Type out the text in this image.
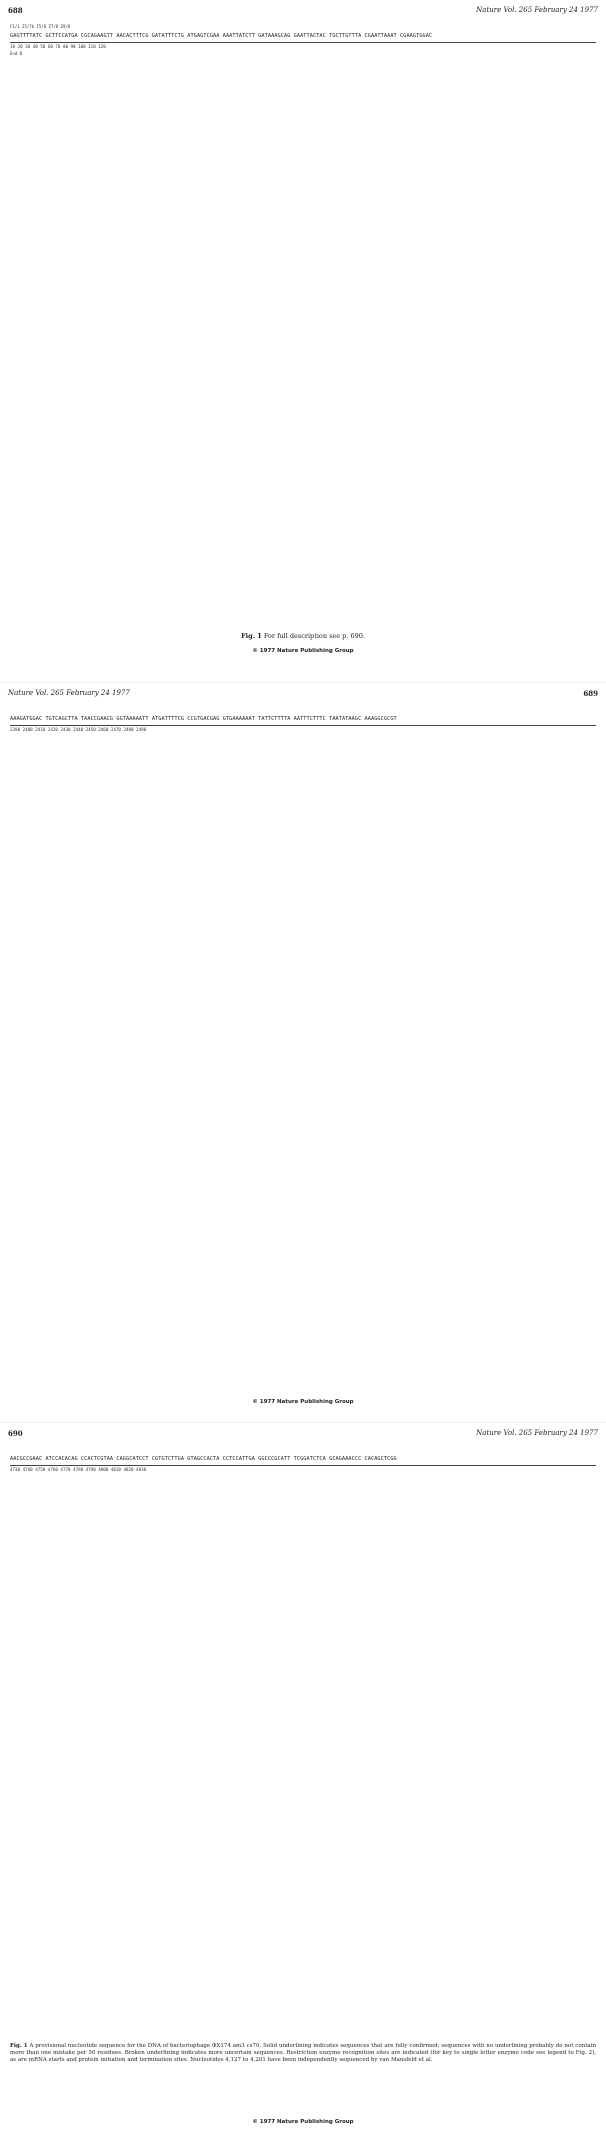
688	Nature Vol. 265 February 24 1977
F1/1 Z5/7b F5/8 Z7/8 Z9/8
GAGTTTTATC GCTTCCATGA CGCAGAAGTT AACACTTTCG GATATTTCTG ATGAGTCGAA AAATTATCTT GATAAAGCAG GAATTACTAC TGCTTGTTTA CGAATTAAAT CGAAGTGGAC
10 20 30 40 50 60 70 80 90 100 110 120
End B
Fig. 1 For full description see p. 690.
© 1977 Nature Publishing Group
Nature Vol. 265 February 24 1977	689
AAAGATGGAC TGTCAGCTTA TAACCGAACG GGTAAAAATT ATGATTTTCG CCGTGACGAG GTGAAAAAAT TATTCTTTTA AATTTCTTTC TAATATAAGC AAAGGCGCGT
2390 2400 2410 2420 2430 2440 2450 2460 2470 2480 2490
© 1977 Nature Publishing Group
690	Nature Vol. 265 February 24 1977
AACGCCGAAC ATCCACACAG CCACTCGTAA CAGGCATCCT CGTGTCTTGA GTAGCCACTA CCTCCATTGA GGCCCGCATT TCGGATCTCA GCAGAAACCC CACAGCTCGG
4730 4740 4750 4760 4770 4780 4790 4800 4810 4820 4830
Fig. 1 A provisional nucleotide sequence for the DNA of bacteriophage ΦX174 am3 cs70. Solid underlining indicates sequences that are fully confirmed; sequences with no underlining probably do not contain more than one mistake per 50 residues. Broken underlining indicates more uncertain sequences. Restriction enzyme recognition sites are indicated (for key to single letter enzyme code see legend to Fig. 2), as are mRNA starts and protein initiation and termination sites. Nucleotides 4,127 to 4,201 have been independently sequenced by van Mansfeld et al.
© 1977 Nature Publishing Group
